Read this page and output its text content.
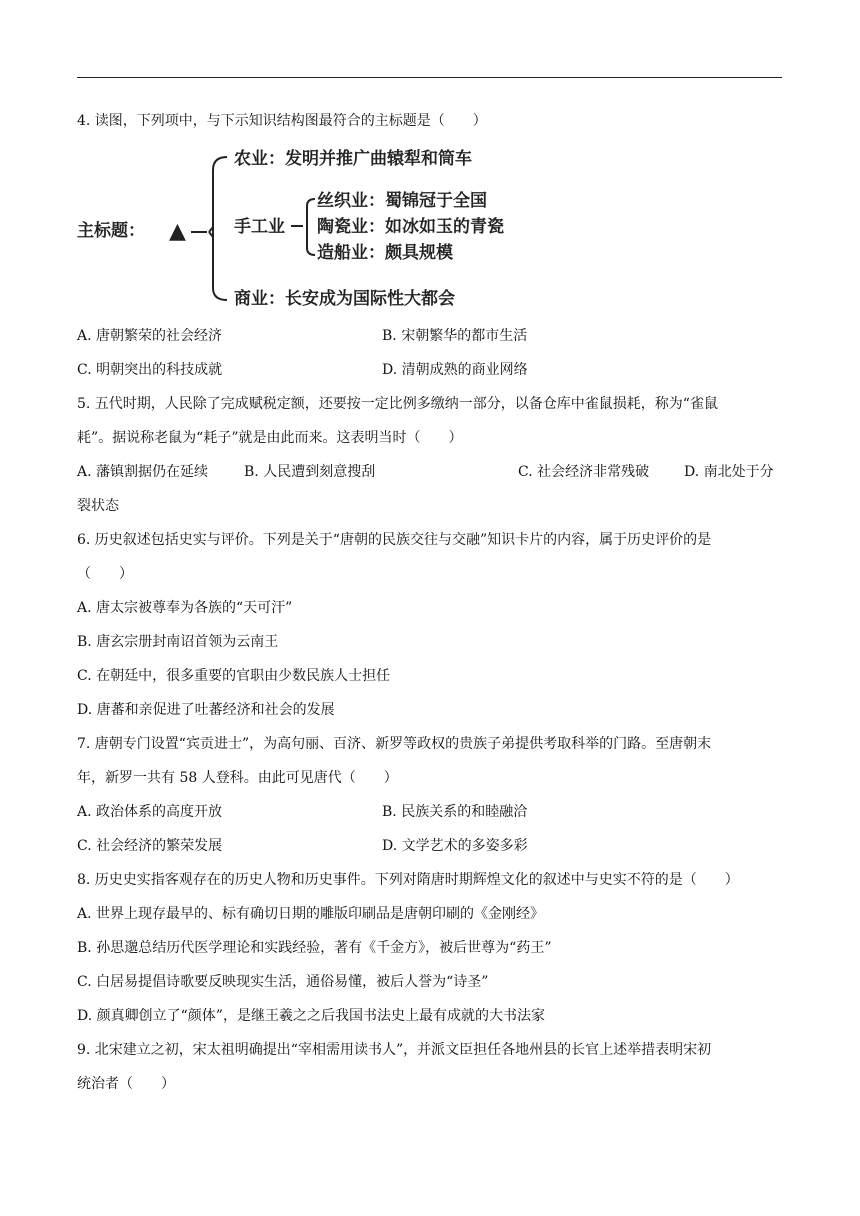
4. 读图，下列项中，与下示知识结构图最符合的主标题是（　　）
主标题： ▲
农业：发明并推广曲辕犁和筒车
手工业
丝织业：蜀锦冠于全国
陶瓷业：如冰如玉的青瓷
造船业：颇具规模
商业：长安成为国际性大都会
A. 唐朝繁荣的社会经济	B. 宋朝繁华的都市生活
C. 明朝突出的科技成就	D. 清朝成熟的商业网络
5. 五代时期，人民除了完成赋税定额，还要按一定比例多缴纳一部分，以备仓库中雀鼠损耗，称为“雀鼠
耗”。据说称老鼠为“耗子”就是由此而来。这表明当时（　　）
A. 藩镇割据仍在延续	B. 人民遭到刻意搜刮	C. 社会经济非常残破 D. 南北处于分
裂状态
6. 历史叙述包括史实与评价。下列是关于“唐朝的民族交往与交融”知识卡片的内容，属于历史评价的是
（　　）
A. 唐太宗被尊奉为各族的“天可汗”
B. 唐玄宗册封南诏首领为云南王
C. 在朝廷中，很多重要的官职由少数民族人士担任
D. 唐蕃和亲促进了吐蕃经济和社会的发展
7. 唐朝专门设置“宾贡进士”，为高句丽、百济、新罗等政权的贵族子弟提供考取科举的门路。至唐朝末
年，新罗一共有 58 人登科。由此可见唐代（　　）
A. 政治体系的高度开放	B. 民族关系的和睦融洽
C. 社会经济的繁荣发展	D. 文学艺术的多姿多彩
8. 历史史实指客观存在的历史人物和历史事件。下列对隋唐时期辉煌文化的叙述中与史实不符的是（　　）
A. 世界上现存最早的、标有确切日期的雕版印刷品是唐朝印刷的《金刚经》
B. 孙思邈总结历代医学理论和实践经验，著有《千金方》，被后世尊为“药王”
C. 白居易提倡诗歌要反映现实生活，通俗易懂，被后人誉为“诗圣”
D. 颜真卿创立了“颜体”，是继王羲之之后我国书法史上最有成就的大书法家
9. 北宋建立之初，宋太祖明确提出“宰相需用读书人”，并派文臣担任各地州县的长官上述举措表明宋初
统治者（　　）
